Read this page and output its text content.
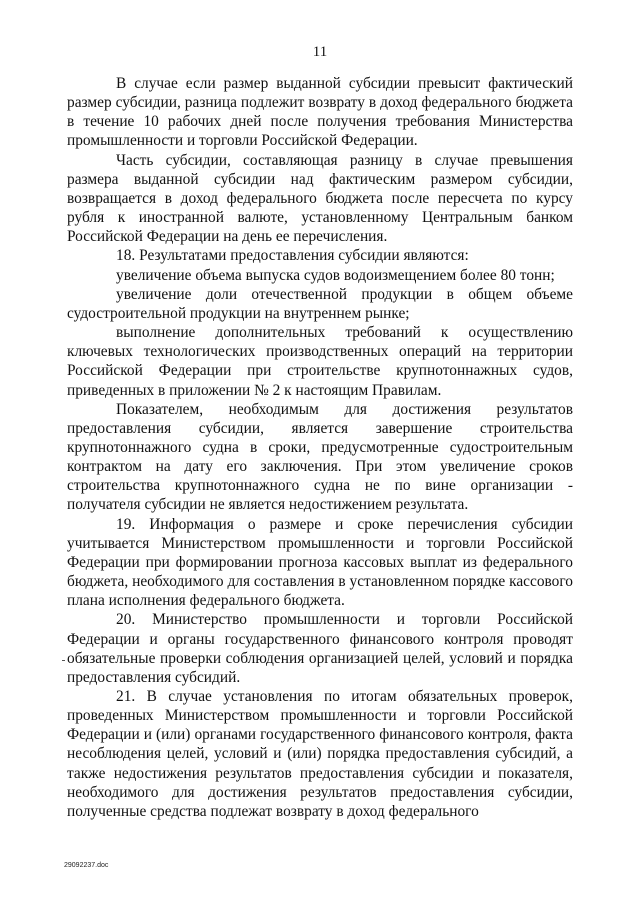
11

В случае если размер выданной субсидии превысит фактический размер субсидии, разница подлежит возврату в доход федерального бюджета в течение 10 рабочих дней после получения требования Министерства промышленности и торговли Российской Федерации.

Часть субсидии, составляющая разницу в случае превышения размера выданной субсидии над фактическим размером субсидии, возвращается в доход федерального бюджета после пересчета по курсу рубля к иностранной валюте, установленному Центральным банком Российской Федерации на день ее перечисления.

18. Результатами предоставления субсидии являются:

увеличение объема выпуска судов водоизмещением более 80 тонн;

увеличение доли отечественной продукции в общем объеме судостроительной продукции на внутреннем рынке;

выполнение дополнительных требований к осуществлению ключевых технологических производственных операций на территории Российской Федерации при строительстве крупнотоннажных судов, приведенных в приложении № 2 к настоящим Правилам.

Показателем, необходимым для достижения результатов предоставления субсидии, является завершение строительства крупнотоннажного судна в сроки, предусмотренные судостроительным контрактом на дату его заключения. При этом увеличение сроков строительства крупнотоннажного судна не по вине организации - получателя субсидии не является недостижением результата.

19. Информация о размере и сроке перечисления субсидии учитывается Министерством промышленности и торговли Российской Федерации при формировании прогноза кассовых выплат из федерального бюджета, необходимого для составления в установленном порядке кассового плана исполнения федерального бюджета.

20. Министерство промышленности и торговли Российской Федерации и органы государственного финансового контроля проводят обязательные проверки соблюдения организацией целей, условий и порядка предоставления субсидий.

21. В случае установления по итогам обязательных проверок, проведенных Министерством промышленности и торговли Российской Федерации и (или) органами государственного финансового контроля, факта несоблюдения целей, условий и (или) порядка предоставления субсидий, а также недостижения результатов предоставления субсидии и показателя, необходимого для достижения результатов предоставления субсидии, полученные средства подлежат возврату в доход федерального

29092237.doc
